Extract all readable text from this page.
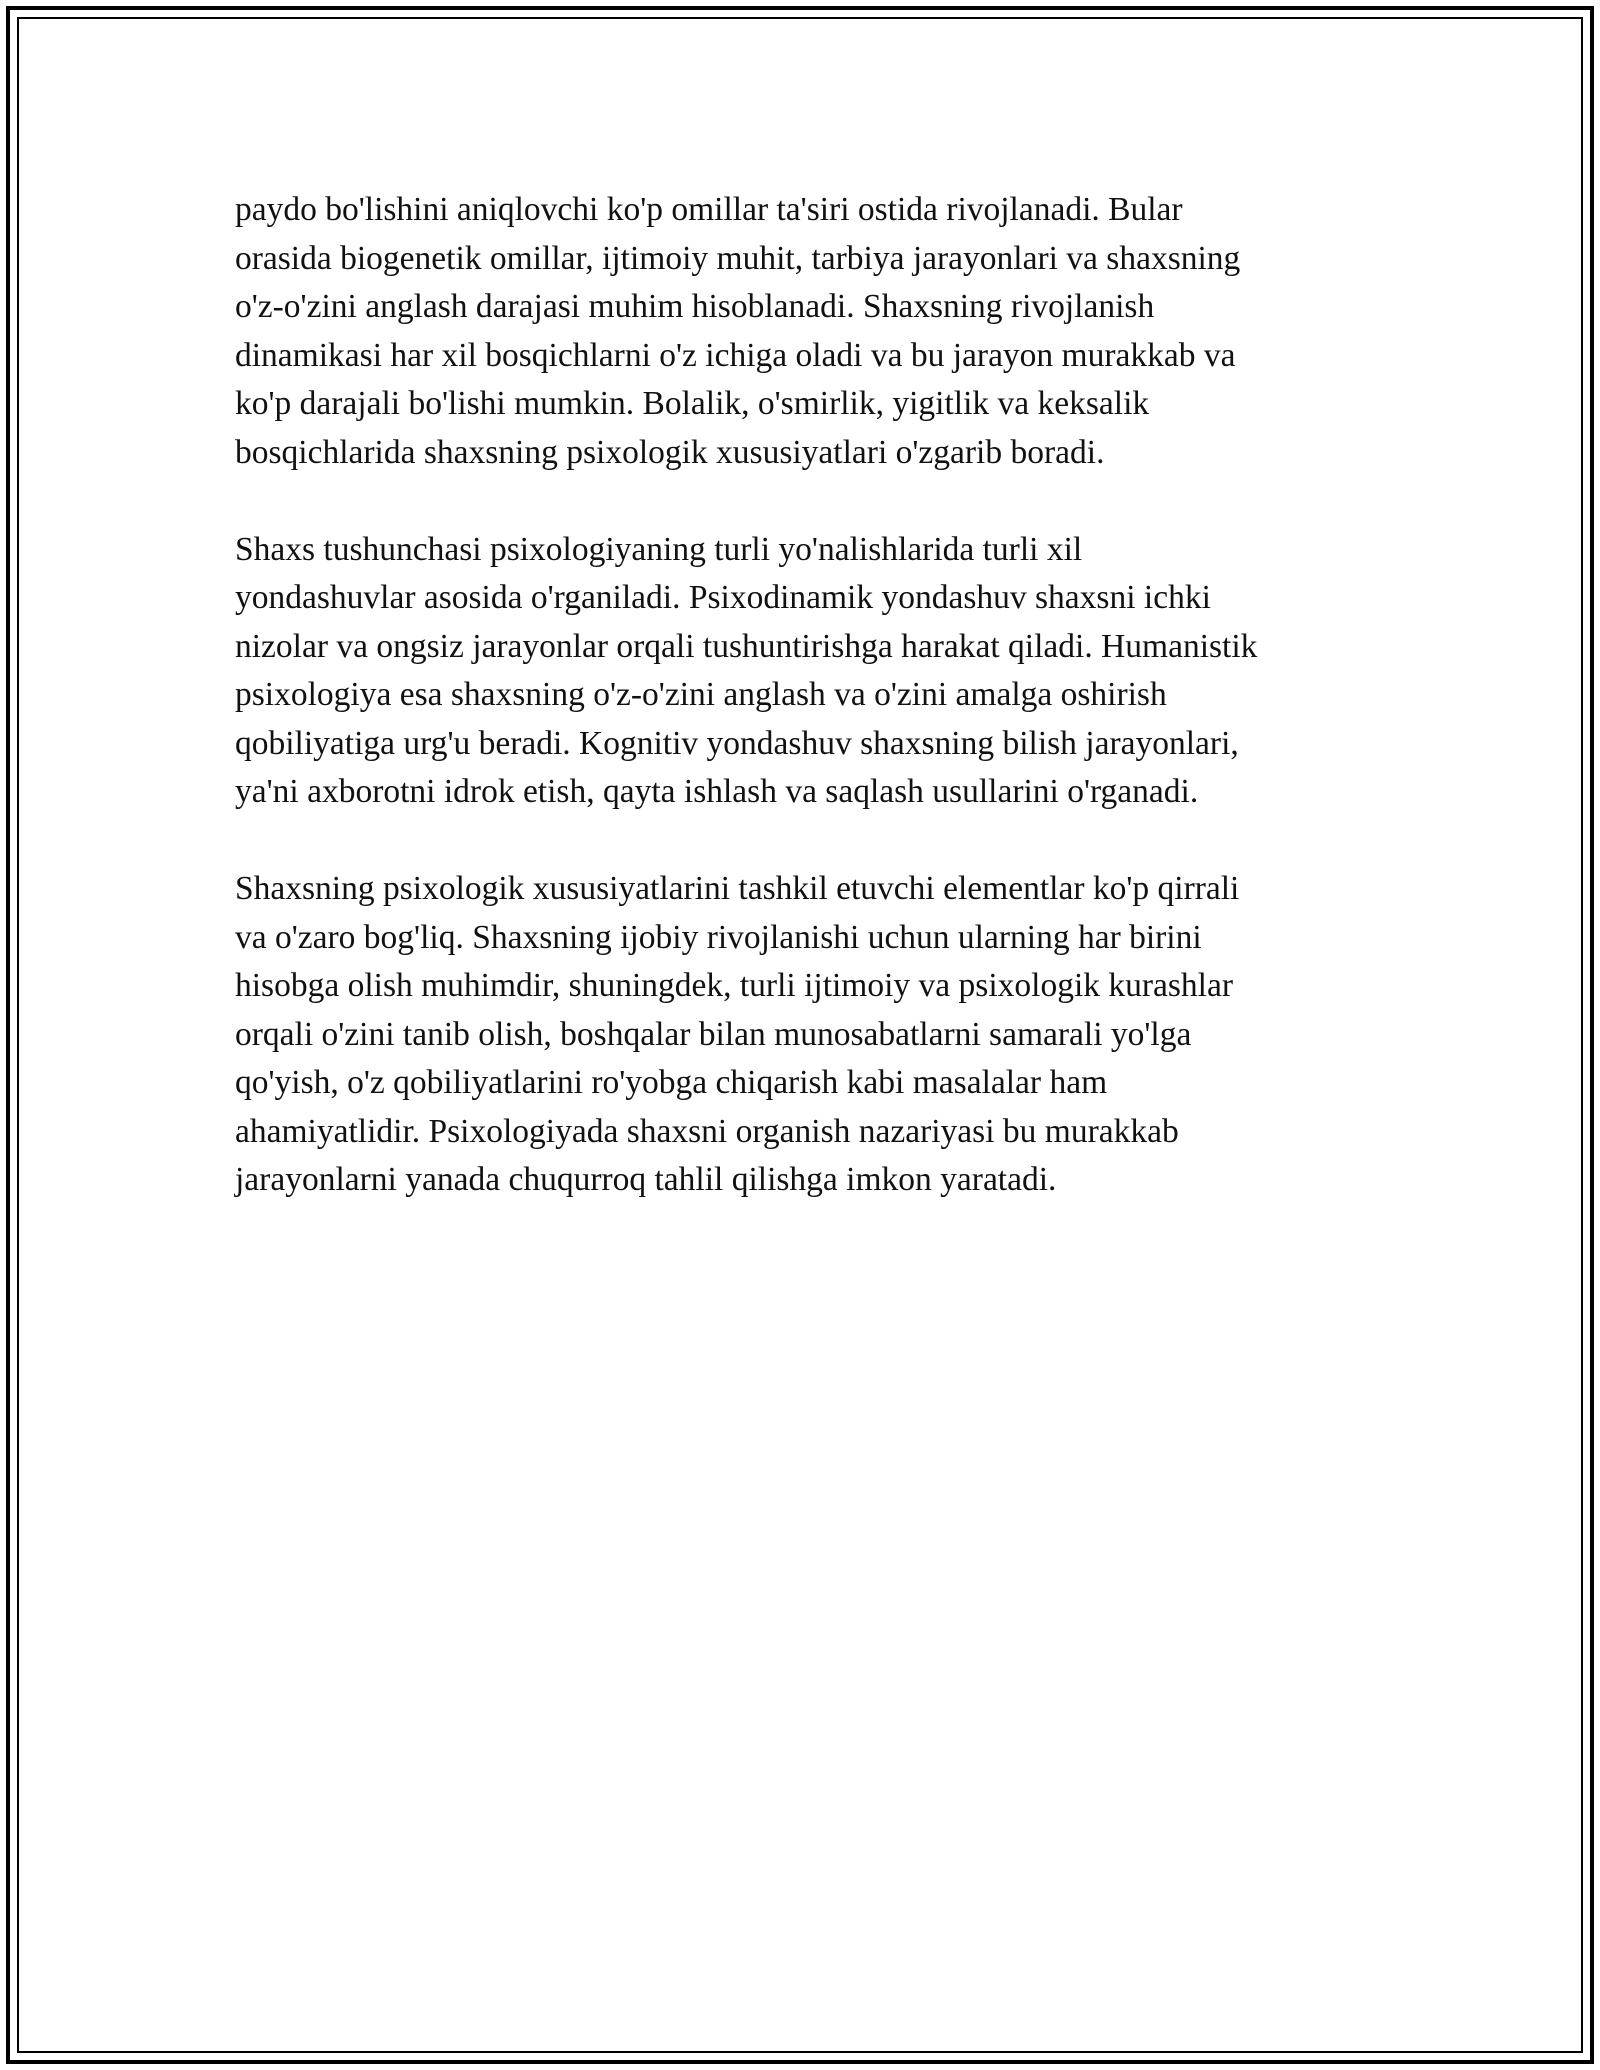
paydo bo'lishini aniqlovchi ko'p omillar ta'siri ostida rivojlanadi. Bular
orasida biogenetik omillar, ijtimoiy muhit, tarbiya jarayonlari va shaxsning
o'z-o'zini anglash darajasi muhim hisoblanadi. Shaxsning rivojlanish
dinamikasi har xil bosqichlarni o'z ichiga oladi va bu jarayon murakkab va
ko'p darajali bo'lishi mumkin. Bolalik, o'smirlik, yigitlik va keksalik
bosqichlarida shaxsning psixologik xususiyatlari o'zgarib boradi.

Shaxs tushunchasi psixologiyaning turli yo'nalishlarida turli xil
yondashuvlar asosida o'rganiladi. Psixodinamik yondashuv shaxsni ichki
nizolar va ongsiz jarayonlar orqali tushuntirishga harakat qiladi. Humanistik
psixologiya esa shaxsning o'z-o'zini anglash va o'zini amalga oshirish
qobiliyatiga urg'u beradi. Kognitiv yondashuv shaxsning bilish jarayonlari,
ya'ni axborotni idrok etish, qayta ishlash va saqlash usullarini o'rganadi.

Shaxsning psixologik xususiyatlarini tashkil etuvchi elementlar ko'p qirrali
va o'zaro bog'liq. Shaxsning ijobiy rivojlanishi uchun ularning har birini
hisobga olish muhimdir, shuningdek, turli ijtimoiy va psixologik kurashlar
orqali o'zini tanib olish, boshqalar bilan munosabatlarni samarali yo'lga
qo'yish, o'z qobiliyatlarini ro'yobga chiqarish kabi masalalar ham
ahamiyatlidir. Psixologiyada shaxsni organish nazariyasi bu murakkab
jarayonlarni yanada chuqurroq tahlil qilishga imkon yaratadi.
